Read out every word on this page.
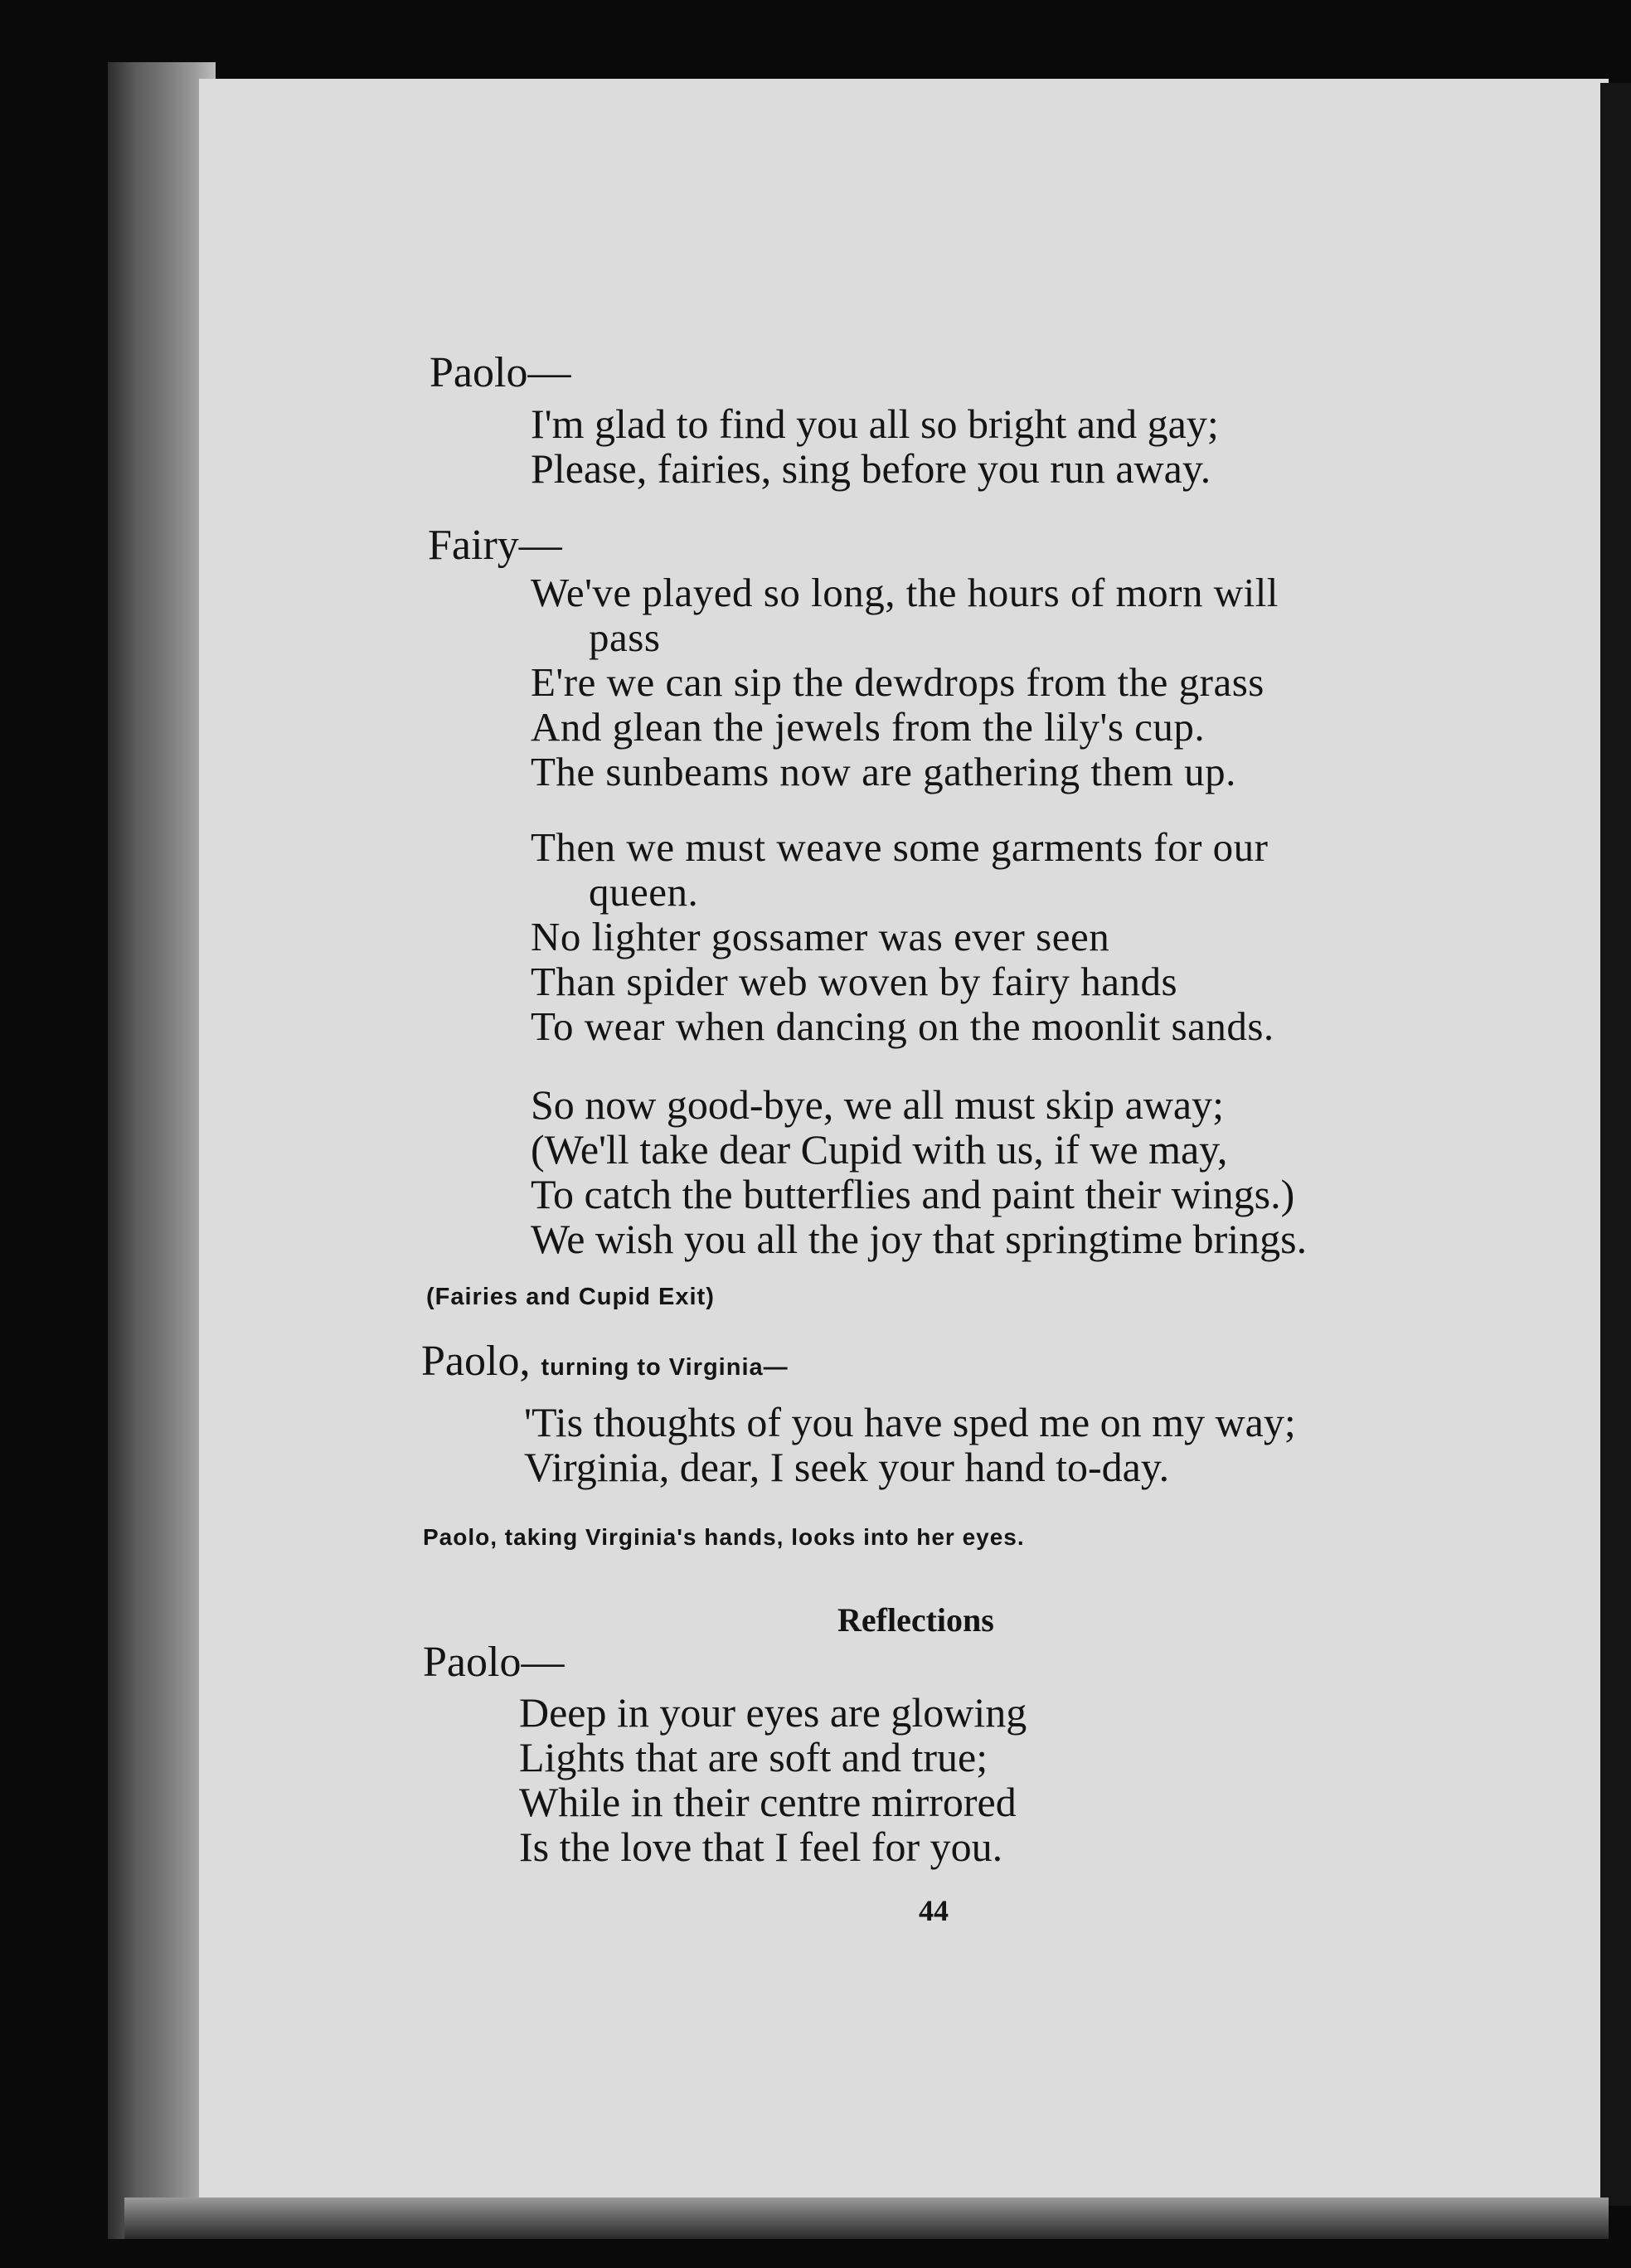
Paolo—
I'm glad to find you all so bright and gay;
Please, fairies, sing before you run away.
Fairy—
We've played so long, the hours of morn will
pass
E're we can sip the dewdrops from the grass
And glean the jewels from the lily's cup.
The sunbeams now are gathering them up.
Then we must weave some garments for our
queen.
No lighter gossamer was ever seen
Than spider web woven by fairy hands
To wear when dancing on the moonlit sands.
So now good-bye, we all must skip away;
(We'll take dear Cupid with us, if we may,
To catch the butterflies and paint their wings.)
We wish you all the joy that springtime brings.
(Fairies and Cupid Exit)
Paolo, turning to Virginia—
'Tis thoughts of you have sped me on my way;
Virginia, dear, I seek your hand to-day.
Paolo, taking Virginia's hands, looks into her eyes.
Reflections
Paolo—
Deep in your eyes are glowing
Lights that are soft and true;
While in their centre mirrored
Is the love that I feel for you.
44
